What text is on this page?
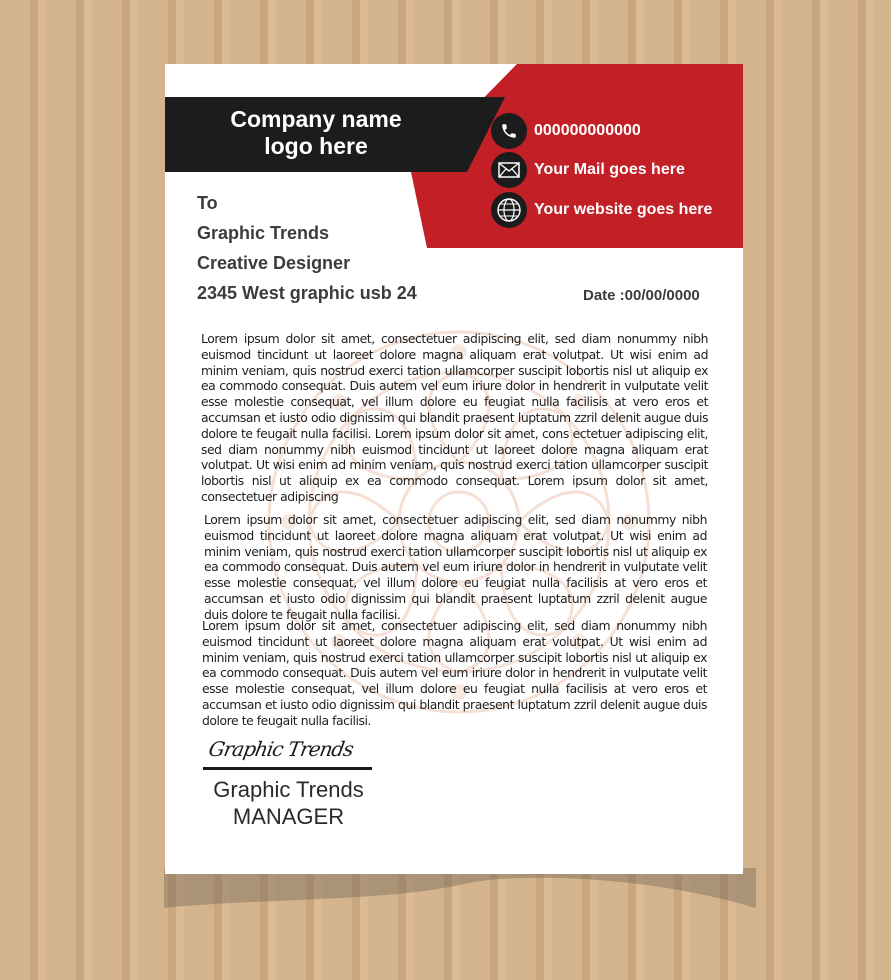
Company name
logo here
000000000000
Your Mail goes here
Your website goes here
To
Graphic Trends
Creative Designer
2345 West graphic usb 24	Date :00/00/0000
Lorem ipsum dolor sit amet, consectetuer adipiscing elit, sed diam nonummy nibh euismod tincidunt ut laoreet dolore magna aliquam erat volutpat. Ut wisi enim ad minim veniam, quis nostrud exerci tation ullamcorper suscipit lobortis nisl ut aliquip ex ea commodo consequat. Duis autem vel eum iriure dolor in hendrerit in vulputate velit esse molestie consequat, vel illum dolore eu feugiat nulla facilisis at vero eros et accumsan et iusto odio dignissim qui blandit praesent luptatum zzril delenit augue duis dolore te feugait nulla facilisi. Lorem ipsum dolor sit amet, cons ectetuer adipiscing elit, sed diam nonummy nibh euismod tincidunt ut laoreet dolore magna aliquam erat volutpat. Ut wisi enim ad minim veniam, quis nostrud exerci tation ullamcorper suscipit lobortis nisl ut aliquip ex ea commodo consequat. Lorem ipsum dolor sit amet, consectetuer adipiscing
Lorem ipsum dolor sit amet, consectetuer adipiscing elit, sed diam nonummy nibh euismod tincidunt ut laoreet dolore magna aliquam erat volutpat. Ut wisi enim ad minim veniam, quis nostrud exerci tation ullamcorper suscipit lobortis nisl ut aliquip ex ea commodo consequat. Duis autem vel eum iriure dolor in hendrerit in vulputate velit esse molestie consequat, vel illum dolore eu feugiat nulla facilisis at vero eros et accumsan et iusto odio dignissim qui blandit praesent luptatum zzril delenit augue duis dolore te feugait nulla facilisi.
Lorem ipsum dolor sit amet, consectetuer adipiscing elit, sed diam nonummy nibh euismod tincidunt ut laoreet dolore magna aliquam erat volutpat. Ut wisi enim ad minim veniam, quis nostrud exerci tation ullamcorper suscipit lobortis nisl ut aliquip ex ea commodo consequat. Duis autem vel eum iriure dolor in hendrerit in vulputate velit esse molestie consequat, vel illum dolore eu feugiat nulla facilisis at vero eros et accumsan et iusto odio dignissim qui blandit praesent luptatum zzril delenit augue duis dolore te feugait nulla facilisi.
Graphic Trends
Graphic Trends
MANAGER
